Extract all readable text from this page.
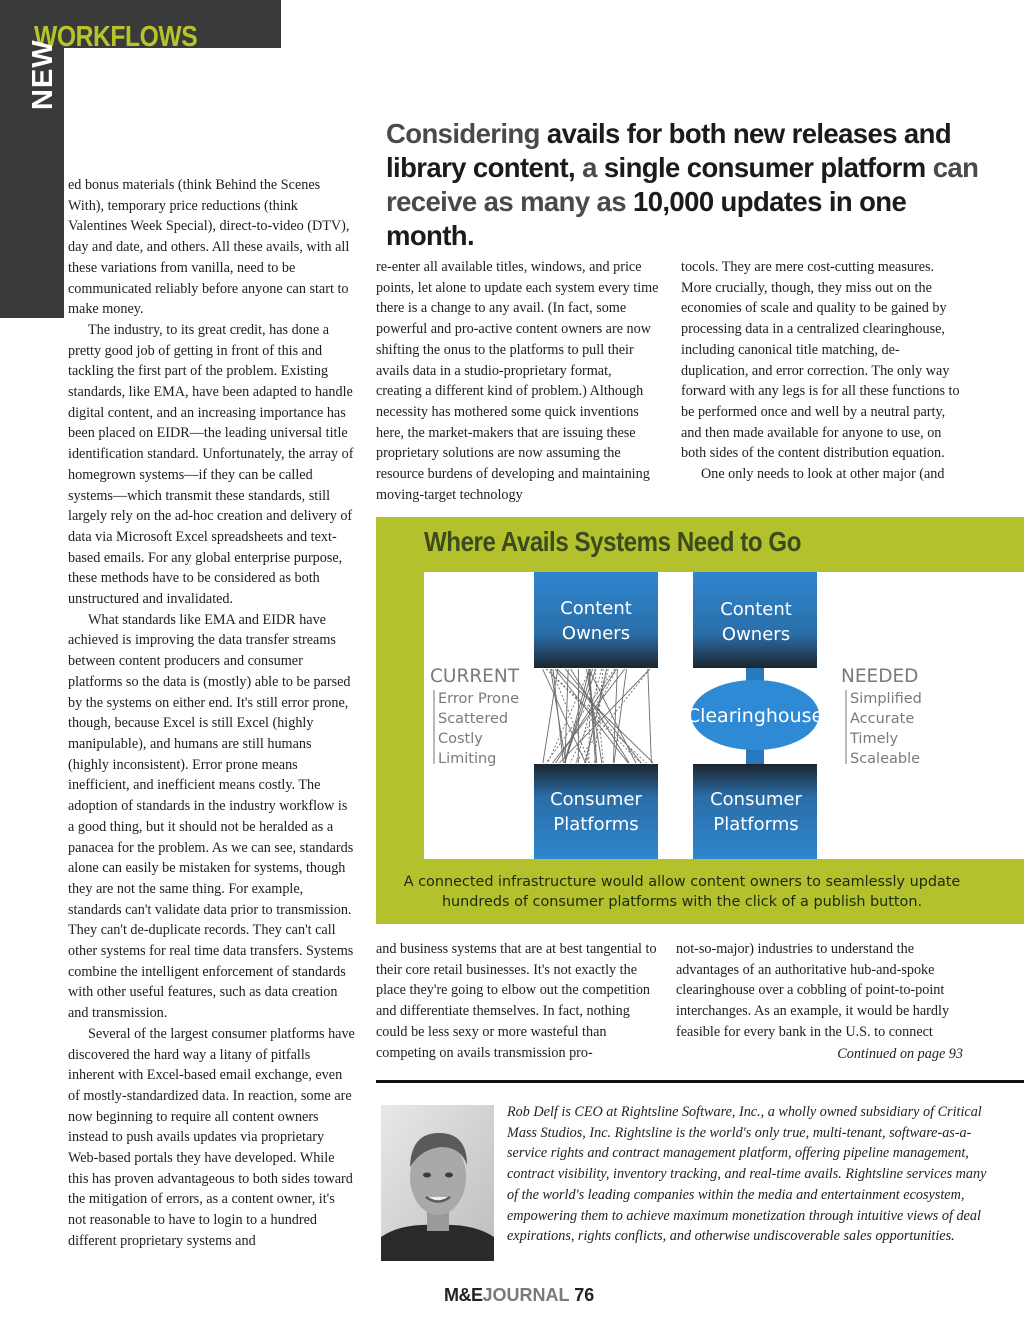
WORKFLOWS
NEW
Considering avails for both new releases and library content, a single consumer platform can receive as many as 10,000 updates in one month.

ed bonus materials (think Behind the Scenes With), temporary price reductions (think Valentines Week Special), direct-to-video (DTV), day and date, and others. All these avails, with all these variations from vanilla, need to be communicated reliably before anyone can start to make money.

The industry, to its great credit, has done a pretty good job of getting in front of this and tackling the first part of the problem. Existing standards, like EMA, have been adapted to handle digital content, and an increasing importance has been placed on EIDR—the leading universal title identification standard. Unfortunately, the array of homegrown systems—if they can be called systems—which transmit these standards, still largely rely on the ad-hoc creation and delivery of data via Microsoft Excel spreadsheets and text-based emails. For any global enterprise purpose, these methods have to be considered as both unstructured and invalidated.

What standards like EMA and EIDR have achieved is improving the data transfer streams between content producers and consumer platforms so the data is (mostly) able to be parsed by the systems on either end. It's still error prone, though, because Excel is still Excel (highly manipulable), and humans are still humans (highly inconsistent). Error prone means inefficient, and inefficient means costly. The adoption of standards in the industry workflow is a good thing, but it should not be heralded as a panacea for the problem. As we can see, standards alone can easily be mistaken for systems, though they are not the same thing. For example, standards can't validate data prior to transmission. They can't de-duplicate records. They can't call other systems for real time data transfers. Systems combine the intelligent enforcement of standards with other useful features, such as data creation and transmission.

Several of the largest consumer platforms have discovered the hard way a litany of pitfalls inherent with Excel-based email exchange, even of mostly-standardized data. In reaction, some are now beginning to require all content owners instead to push avails updates via proprietary Web-based portals they have developed. While this has proven advantageous to both sides toward the mitigation of errors, as a content owner, it's not reasonable to have to login to a hundred different proprietary systems and

re-enter all available titles, windows, and price points, let alone to update each system every time there is a change to any avail. (In fact, some powerful and pro-active content owners are now shifting the onus to the platforms to pull their avails data in a studio-proprietary format, creating a different kind of problem.) Although necessity has mothered some quick inventions here, the market-makers that are issuing these proprietary solutions are now assuming the resource burdens of developing and maintaining moving-target technology

tocols. They are mere cost-cutting measures. More crucially, though, they miss out on the economies of scale and quality to be gained by processing data in a centralized clearinghouse, including canonical title matching, de-duplication, and error correction. The only way forward with any legs is for all these functions to be performed once and well by a neutral party, and then made available for anyone to use, on both sides of the content distribution equation.

One only needs to look at other major (and

Where Avails Systems Need to Go
Content
Owners
Consumer
Platforms
Content
Owners
Consumer
Platforms
Clearinghouse
CURRENT
Error Prone
Scattered
Costly
Limiting
NEEDED
Simplified
Accurate
Timely
Scaleable
A connected infrastructure would allow content owners to seamlessly update hundreds of consumer platforms with the click of a publish button.

and business systems that are at best tangential to their core retail businesses. It's not exactly the place they're going to elbow out the competition and differentiate themselves. In fact, nothing could be less sexy or more wasteful than competing on avails transmission pro-

not-so-major) industries to understand the advantages of an authoritative hub-and-spoke clearinghouse over a cobbling of point-to-point interchanges. As an example, it would be hardly feasible for every bank in the U.S. to connect

Continued on page 93
Rob Delf is CEO at Rightsline Software, Inc., a wholly owned subsidiary of Critical Mass Studios, Inc. Rightsline is the world's only true, multi-tenant, software-as-a-service rights and contract management platform, offering pipeline management, contract visibility, inventory tracking, and real-time avails. Rightsline services many of the world's leading companies within the media and entertainment ecosystem, empowering them to achieve maximum monetization through intuitive views of deal expirations, rights conflicts, and otherwise undiscoverable sales opportunities.
M&EJOURNAL 76
